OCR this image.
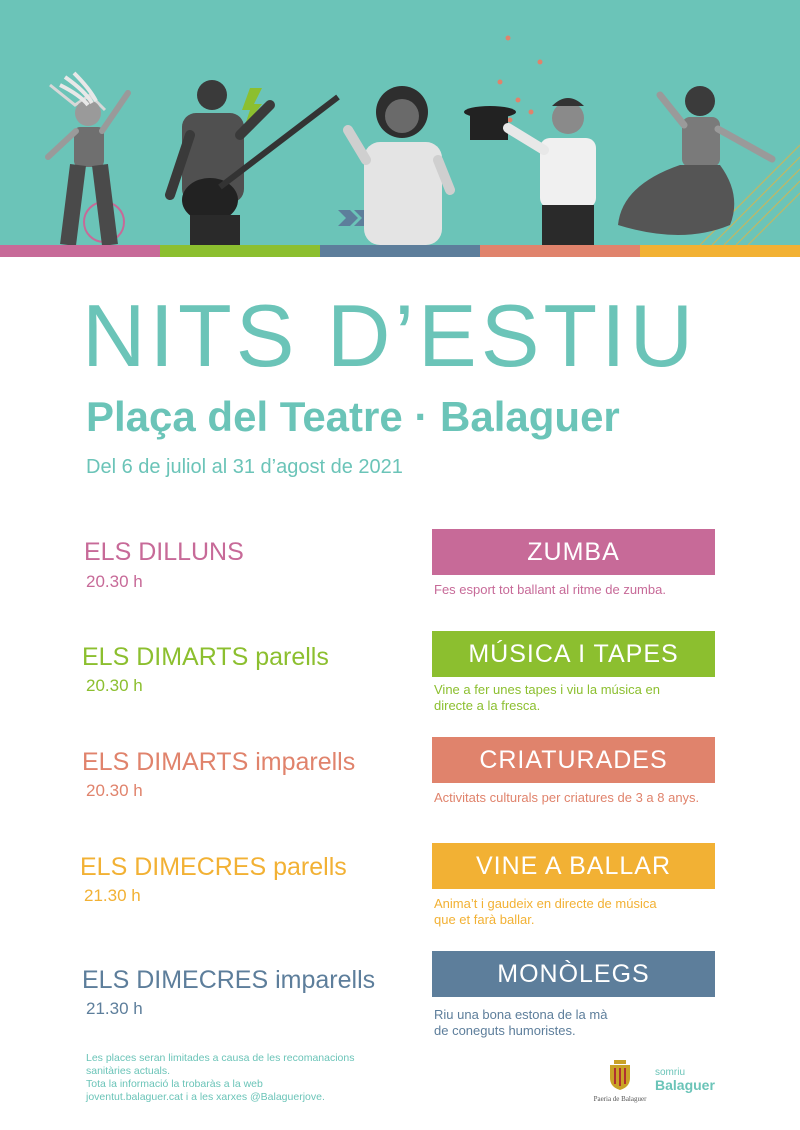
NITS D’ESTIU
Plaça del Teatre · Balaguer

Del 6 de juliol al 31 d’agost de 2021

ELS DILLUNS
20.30 h
ZUMBA
Fes esport tot ballant al ritme de zumba.
ELS DIMARTS parells
20.30 h
MÚSICA I TAPES
Vine a fer unes tapes i viu la música en
directe a la fresca.
ELS DIMARTS imparells
20.30 h
CRIATURADES
Activitats culturals per criatures de 3 a 8 anys.
ELS DIMECRES parells
21.30 h
VINE A BALLAR
Anima’t i gaudeix en directe de música
que et farà ballar.
ELS DIMECRES imparells
21.30 h
MONÒLEGS
Riu una bona estona de la mà
de coneguts humoristes.
Les places seran limitades a causa de les recomanacions
sanitàries actuals.
Tota la informació la trobaràs a la web
joventut.balaguer.cat i a les xarxes @Balaguerjove.	Paeria de Balaguer
somriu
Balaguer
